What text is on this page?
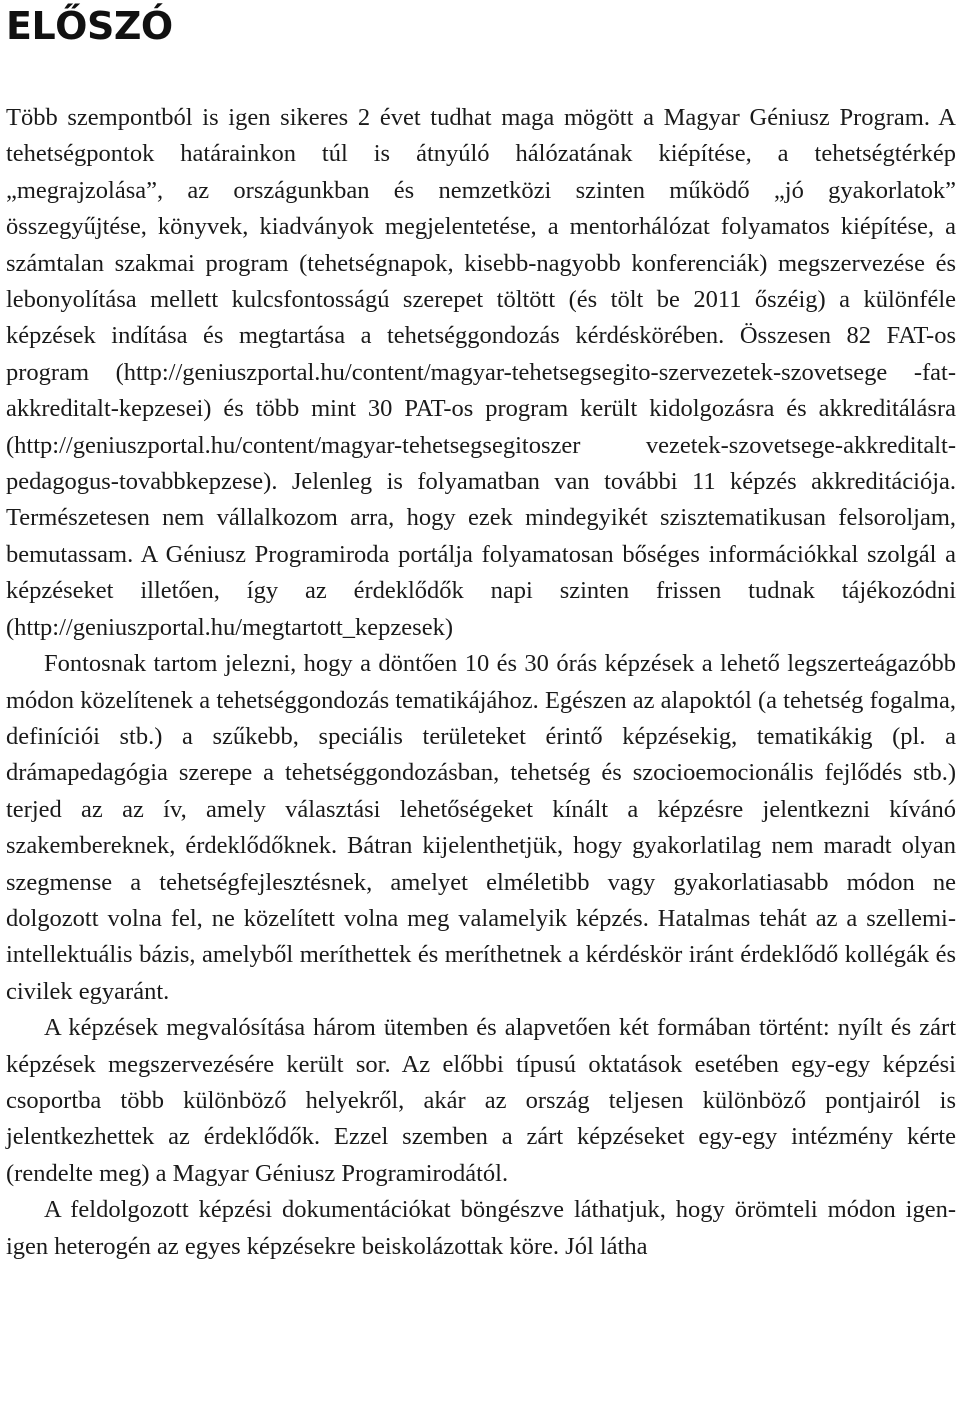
ELŐSZÓ

Több szempontból is igen sikeres 2 évet tudhat maga mögött a Magyar Géniusz Program. A tehetségpontok határainkon túl is átnyúló hálózatának kiépítése, a tehetségtérkép „megrajzolása”, az országunkban és nemzetközi szinten működő „jó gyakorlatok” összegyűjtése, könyvek, kiadványok megjelentetése, a mentorhálózat folyamatos kiépítése, a számtalan szakmai program (tehetségnapok, kisebb-nagyobb konferenciák) megszervezése és lebonyolítása mellett kulcsfontosságú szerepet töltött (és tölt be 2011 őszéig) a különféle képzések indítása és megtartása a tehetséggondozás kérdéskörében. Összesen 82 FAT-os program (http://geniuszportal.hu/content/magyar-tehetsegsegito-szervezetek-szovetsege -fat-akkreditalt-kepzesei) és több mint 30 PAT-os program került kidolgozásra és akkreditálásra (http://geniuszportal.hu/content/magyar-tehetsegsegitoszer vezetek-szovetsege-akkreditalt-pedagogus-tovabbkepzese). Jelenleg is folyamatban van további 11 képzés akkreditációja. Természetesen nem vállalkozom arra, hogy ezek mindegyikét szisztematikusan felsoroljam, bemutassam. A Géniusz Programiroda portálja folyamatosan bőséges információkkal szolgál a képzéseket illetően, így az érdeklődők napi szinten frissen tudnak tájékozódni (http://geniuszportal.hu/megtartott_kepzesek)

Fontosnak tartom jelezni, hogy a döntően 10 és 30 órás képzések a lehető legszerteágazóbb módon közelítenek a tehetséggondozás tematikájához. Egészen az alapoktól (a tehetség fogalma, definíciói stb.) a szűkebb, speciális területeket érintő képzésekig, tematikákig (pl. a drámapedagógia szerepe a tehetséggondozásban, tehetség és szocioemocionális fejlődés stb.) terjed az az ív, amely választási lehetőségeket kínált a képzésre jelentkezni kívánó szakembereknek, érdeklődőknek. Bátran kijelenthetjük, hogy gyakorlatilag nem maradt olyan szegmense a tehetségfejlesztésnek, amelyet elméletibb vagy gyakorlatiasabb módon ne dolgozott volna fel, ne közelített volna meg valamelyik képzés. Hatalmas tehát az a szellemi-intellektuális bázis, amelyből meríthettek és meríthetnek a kérdéskör iránt érdeklődő kollégák és civilek egyaránt.

A képzések megvalósítása három ütemben és alapvetően két formában történt: nyílt és zárt képzések megszervezésére került sor. Az előbbi típusú oktatások esetében egy-egy képzési csoportba több különböző helyekről, akár az ország teljesen különböző pontjairól is jelentkezhettek az érdeklődők. Ezzel szemben a zárt képzéseket egy-egy intézmény kérte (rendelte meg) a Magyar Géniusz Programirodától.

A feldolgozott képzési dokumentációkat böngészve láthatjuk, hogy örömteli módon igen-igen heterogén az egyes képzésekre beiskolázottak köre. Jól látha
